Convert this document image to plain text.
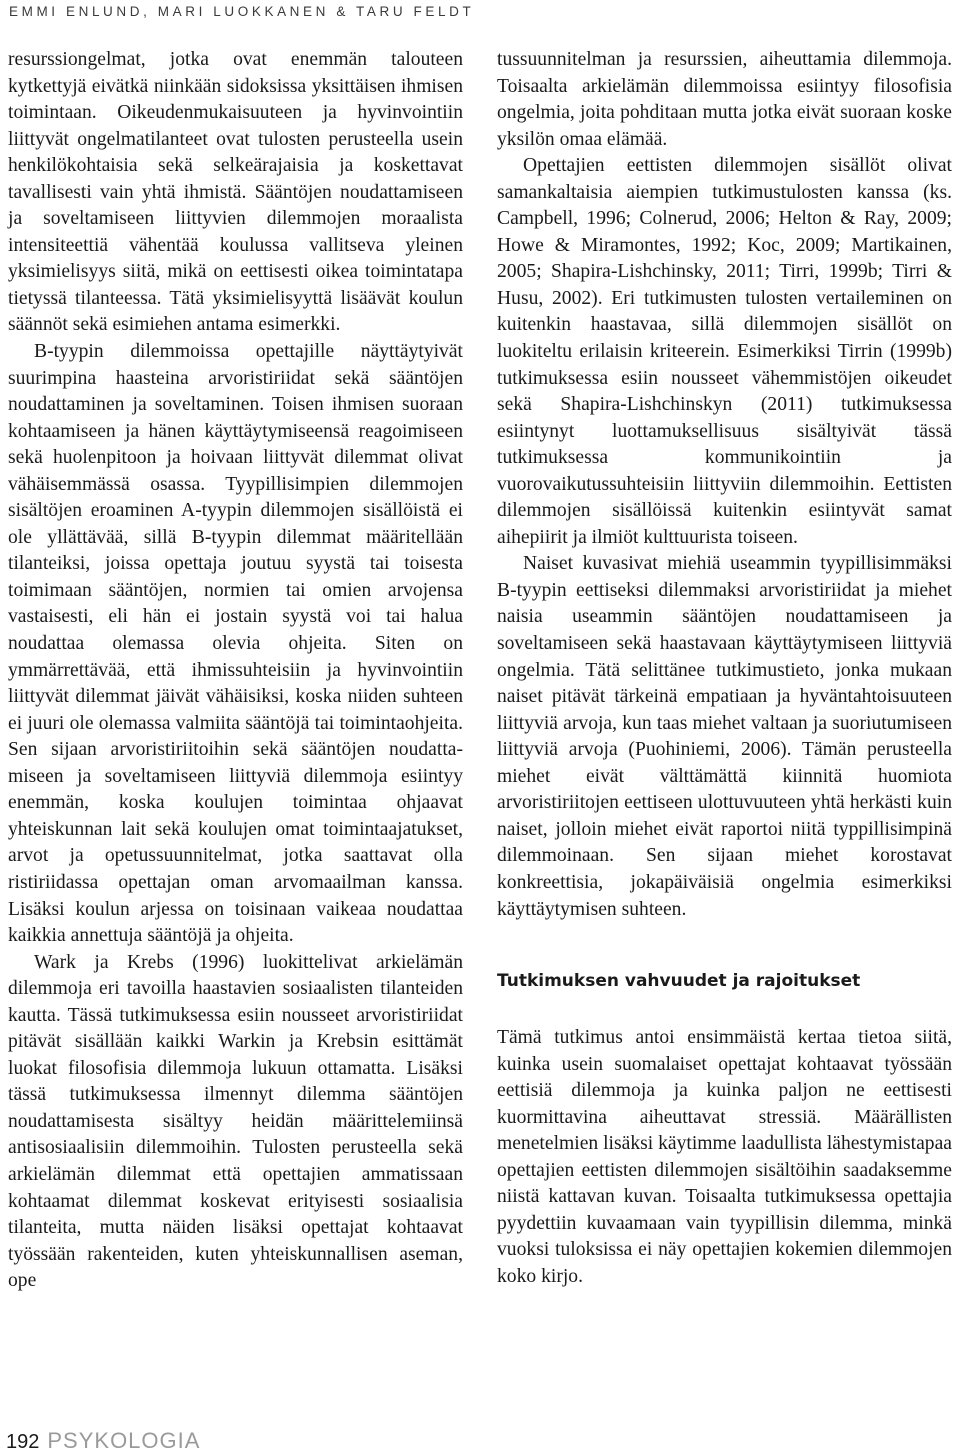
EMMI ENLUND, MARI LUOKKANEN & TARU FELDT

resurssiongelmat, jotka ovat enemmän talouteen kytkettyjä eivätkä niinkään sidoksissa yksittäisen ihmisen toimintaan. Oikeudenmukaisuuteen ja hyvinvointiin liittyvät ongelmatilanteet ovat tulosten perusteella usein henkilökohtaisia sekä selkeärajaisia ja koskettavat tavallisesti vain yhtä ihmistä. Sääntöjen noudattamiseen ja soveltamiseen liittyvien dilemmojen moraalista intensiteettiä vähentää koulussa vallitseva yleinen yksimielisyys siitä, mikä on eettisesti oikea toimintatapa tietyssä tilanteessa. Tätä yksimielisyyttä lisäävät koulun säännöt sekä esimiehen antama esimerkki.

B-tyypin dilemmoissa opettajille näyttäytyivät suurimpina haasteina arvoristiriidat sekä sääntöjen noudattaminen ja soveltaminen. Toisen ihmisen suoraan kohtaamiseen ja hänen käyttäytymiseensä reagoimiseen sekä huolenpitoon ja hoivaan liittyvät dilemmat olivat vähäisemmässä osassa. Tyypillisimpien dilemmojen sisältöjen eroaminen A-tyypin dilemmojen sisällöistä ei ole yllättävää, sillä B-tyypin dilemmat määritellään tilanteiksi, joissa opettaja joutuu syystä tai toisesta toimimaan sääntöjen, normien tai omien arvojensa vastaisesti, eli hän ei jostain syystä voi tai halua noudattaa olemassa olevia ohjeita. Siten on ymmärrettävää, että ihmissuhteisiin ja hyvinvointiin liittyvät dilemmat jäivät vähäisiksi, koska niiden suhteen ei juuri ole olemassa valmiita sääntöjä tai toimintaohjeita. Sen sijaan arvoristiriitoihin sekä sääntöjen noudattamiseen ja soveltamiseen liittyviä dilemmoja esiintyy enemmän, koska koulujen toimintaa ohjaavat yhteiskunnan lait sekä koulujen omat toimintaajatukset, arvot ja opetussuunnitelmat, jotka saattavat olla ristiriidassa opettajan oman arvomaailman kanssa. Lisäksi koulun arjessa on toisinaan vaikeaa noudattaa kaikkia annettuja sääntöjä ja ohjeita.

Wark ja Krebs (1996) luokittelivat arkielämän dilemmoja eri tavoilla haastavien sosiaalisten tilanteiden kautta. Tässä tutkimuksessa esiin nousseet arvoristiriidat pitävät sisällään kaikki Warkin ja Krebsin esittämät luokat filosofisia dilemmoja lukuun ottamatta. Lisäksi tässä tutkimuksessa ilmennyt dilemma sääntöjen noudattamisesta sisältyy heidän määrittelemiinsä antisosiaalisiin dilemmoihin. Tulosten perusteella sekä arkielämän dilemmat että opettajien ammatissaan kohtaamat dilemmat koskevat erityisesti sosiaalisia tilanteita, mutta näiden lisäksi opettajat kohtaavat työssään rakenteiden, kuten yhteiskunnallisen aseman, ope

tussuunnitelman ja resurssien, aiheuttamia dilemmoja. Toisaalta arkielämän dilemmoissa esiintyy filosofisia ongelmia, joita pohditaan mutta jotka eivät suoraan koske yksilön omaa elämää.

Opettajien eettisten dilemmojen sisällöt olivat samankaltaisia aiempien tutkimustulosten kanssa (ks. Campbell, 1996; Colnerud, 2006; Helton & Ray, 2009; Howe & Miramontes, 1992; Koc, 2009; Martikainen, 2005; Shapira-Lishchinsky, 2011; Tirri, 1999b; Tirri & Husu, 2002). Eri tutkimusten tulosten vertaileminen on kuitenkin haastavaa, sillä dilemmojen sisällöt on luokiteltu erilaisin kriteerein. Esimerkiksi Tirrin (1999b) tutkimuksessa esiin nousseet vähemmistöjen oikeudet sekä Shapira-Lishchinskyn (2011) tutkimuksessa esiintynyt luottamuksellisuus sisältyivät tässä tutkimuksessa kommunikointiin ja vuorovaikutussuhteisiin liittyviin dilemmoihin. Eettisten dilemmojen sisällöissä kuitenkin esiintyvät samat aihepiirit ja ilmiöt kulttuurista toiseen.

Naiset kuvasivat miehiä useammin tyypillisimmäksi B-tyypin eettiseksi dilemmaksi arvoristiriidat ja miehet naisia useammin sääntöjen noudattamiseen ja soveltamiseen sekä haastavaan käyttäytymiseen liittyviä ongelmia. Tätä selittänee tutkimustieto, jonka mukaan naiset pitävät tärkeinä empatiaan ja hyväntahtoisuuteen liittyviä arvoja, kun taas miehet valtaan ja suoriutumiseen liittyviä arvoja (Puohiniemi, 2006). Tämän perusteella miehet eivät välttämättä kiinnitä huomiota arvoristiriitojen eettiseen ulottuvuuteen yhtä herkästi kuin naiset, jolloin miehet eivät raportoi niitä typpillisimpinä dilemmoinaan. Sen sijaan miehet korostavat konkreettisia, jokapäiväisiä ongelmia esimerkiksi käyttäytymisen suhteen.

Tutkimuksen vahvuudet ja rajoitukset

Tämä tutkimus antoi ensimmäistä kertaa tietoa siitä, kuinka usein suomalaiset opettajat kohtaavat työssään eettisiä dilemmoja ja kuinka paljon ne eettisesti kuormittavina aiheuttavat stressiä. Määrällisten menetelmien lisäksi käytimme laadullista lähestymistapaa opettajien eettisten dilemmojen sisältöihin saadaksemme niistä kattavan kuvan. Toisaalta tutkimuksessa opettajia pyydettiin kuvaamaan vain tyypillisin dilemma, minkä vuoksi tuloksissa ei näy opettajien kokemien dilemmojen koko kirjo.

192 PSYKOLOGIA
